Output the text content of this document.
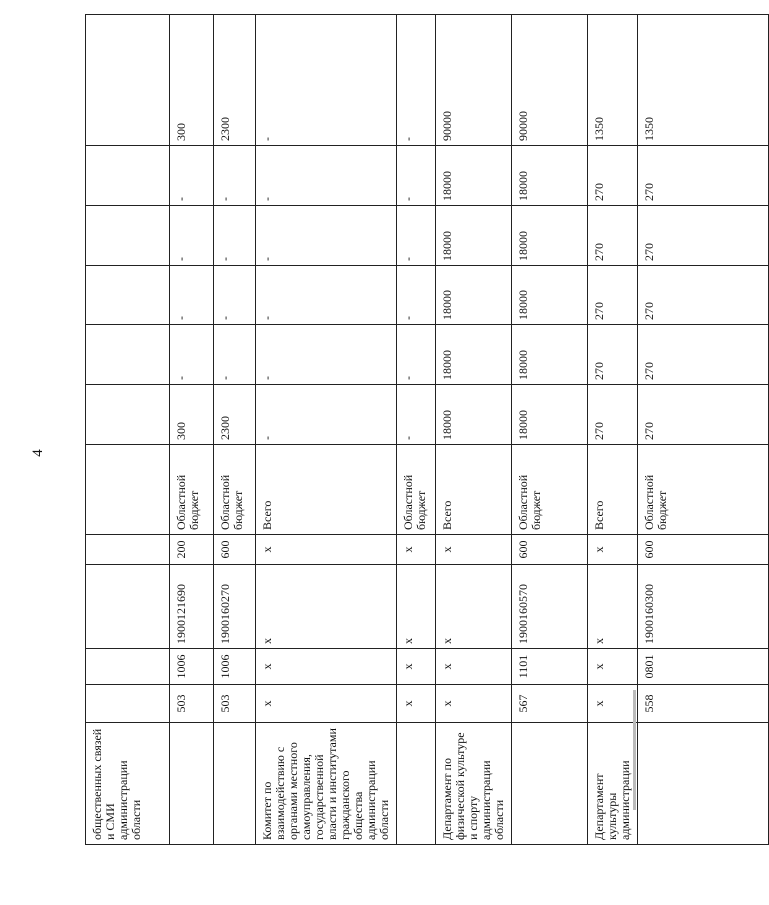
4
общественных связей и СМИ администрации области											
	503	1006	1900121690	200	Областной бюджет	300	-	-	-	-	300
	503	1006	1900160270	600	Областной бюджет	2300	-	-	-	-	2300
Комитет по взаимодействию с органами местного самоуправления, государственной власти и институтами гражданского общества администрации области	x	x	x	x	Всего	-	-	-	-	-	-
	x	x	x	x	Областной бюджет	-	-	-	-	-	-
Департамент по физической культуре и спорту администрации области	x	x	x	x	Всего	18000	18000	18000	18000	18000	90000
	567	1101	1900160570	600	Областной бюджет	18000	18000	18000	18000	18000	90000
Департамент культуры администрации	x	x	x	x	Всего	270	270	270	270	270	1350
	558	0801	1900160300	600	Областной бюджет	270	270	270	270	270	1350
